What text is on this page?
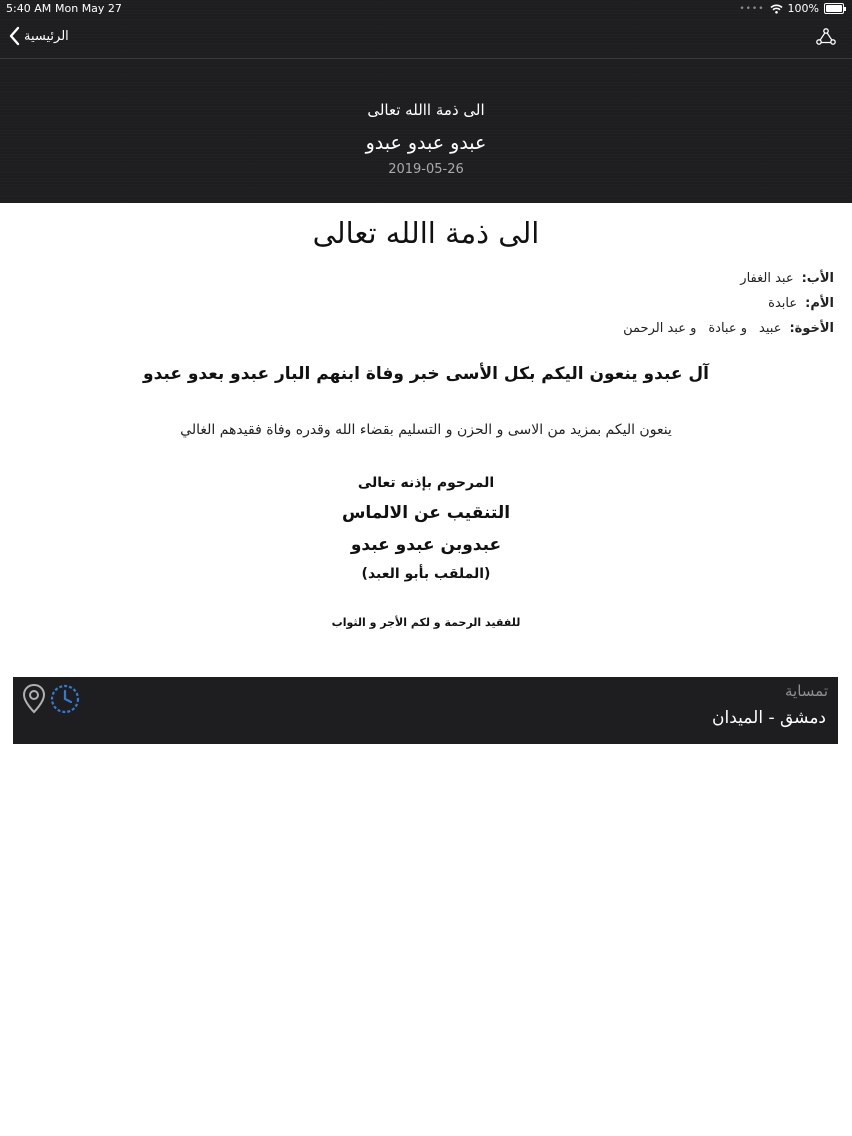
5:40 AM Mon May 27	•••• 100%
الرئيسية
الى ذمة االله تعالى
عبدو عبدو عبدو
2019-05-26
الى ذمة االله تعالى
الأب:عبد الغفار
الأم:عابدة
الأخوة:عبيدو عبادةو عبد الرحمن
آل عبدو ينعون اليكم بكل الأسى خبر وفاة ابنهم البار عبدو بعدو عبدو
ينعون اليكم بمزيد من الاسى و الحزن و التسليم بقضاء الله وقدره وفاة فقيدهم الغالي
المرحوم بإذنه تعالى
التنقيب عن الالماس
عبدوبن عبدو عبدو
(الملقب بأبو العبد)
للفقيد الرحمة و لكم الأجر و الثواب
تمساية
دمشق - الميدان
